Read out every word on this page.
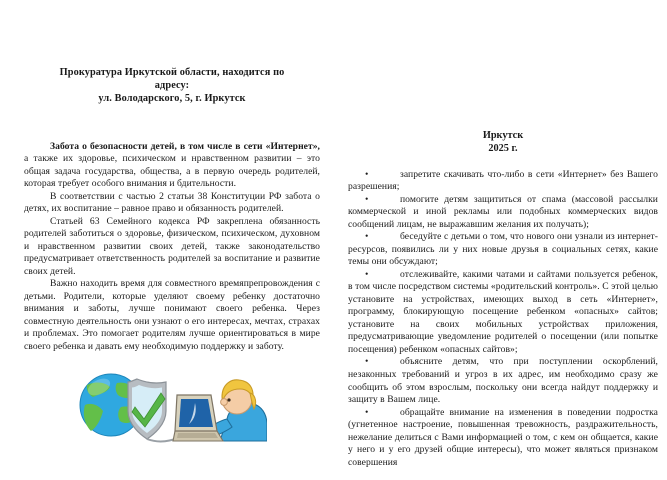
Прокуратура Иркутской области, находится по
адресу:
ул. Володарского, 5, г. Иркутск

Забота о безопасности детей, в том числе в сети «Интернет», а также их здоровье, психическом и нравственном развитии – это общая задача государства, общества, а в первую очередь родителей, которая требует особого внимания и бдительности.

В соответствии с частью 2 статьи 38 Конституции РФ забота о детях, их воспитание – равное право и обязанность родителей.

Статьей 63 Семейного кодекса РФ закреплена обязанность родителей заботиться о здоровье, физическом, психическом, духовном и нравственном развитии своих детей, также законодательство предусматривает ответственность родителей за воспитание и развитие своих детей.

Важно находить время для совместного времяпрепровождения с детьми. Родители, которые уделяют своему ребенку достаточно внимания и заботы, лучше понимают своего ребенка. Через совместную деятельность они узнают о его интересах, мечтах, страхах и проблемах. Это помогает родителям лучше ориентироваться в мире своего ребенка и давать ему необходимую поддержку и заботу.

Иркутск
2025 г.
•	запретите скачивать что-либо в сети «Интернет» без Вашего разрешения;
•	помогите детям защититься от спама (массовой рассылки коммерческой и иной рекламы или подобных коммерческих видов сообщений лицам, не выражавшим желания их получать);
•	беседуйте с детьми о том, что нового они узнали из интернет-ресурсов, появились ли у них новые друзья в социальных сетях, какие темы они обсуждают;
•	отслеживайте, какими чатами и сайтами пользуется ребенок, в том числе посредством системы «родительский контроль». С этой целью установите на устройствах, имеющих выход в сеть «Интернет», программу, блокирующую посещение ребенком «опасных» сайтов; установите на своих мобильных устройствах приложения, предусматривающие уведомление родителей о посещении (или попытке посещения) ребенком «опасных сайтов»;
•	объясните детям, что при поступлении оскорблений, незаконных требований и угроз в их адрес, им необходимо сразу же сообщить об этом взрослым, поскольку они всегда найдут поддержку и защиту в Вашем лице.
•	обращайте внимание на изменения в поведении подростка (угнетенное настроение, повышенная тревожность, раздражительность, нежелание делиться с Вами информацией о том, с кем он общается, какие у него и у его друзей общие интересы), что может являться признаком совершения
